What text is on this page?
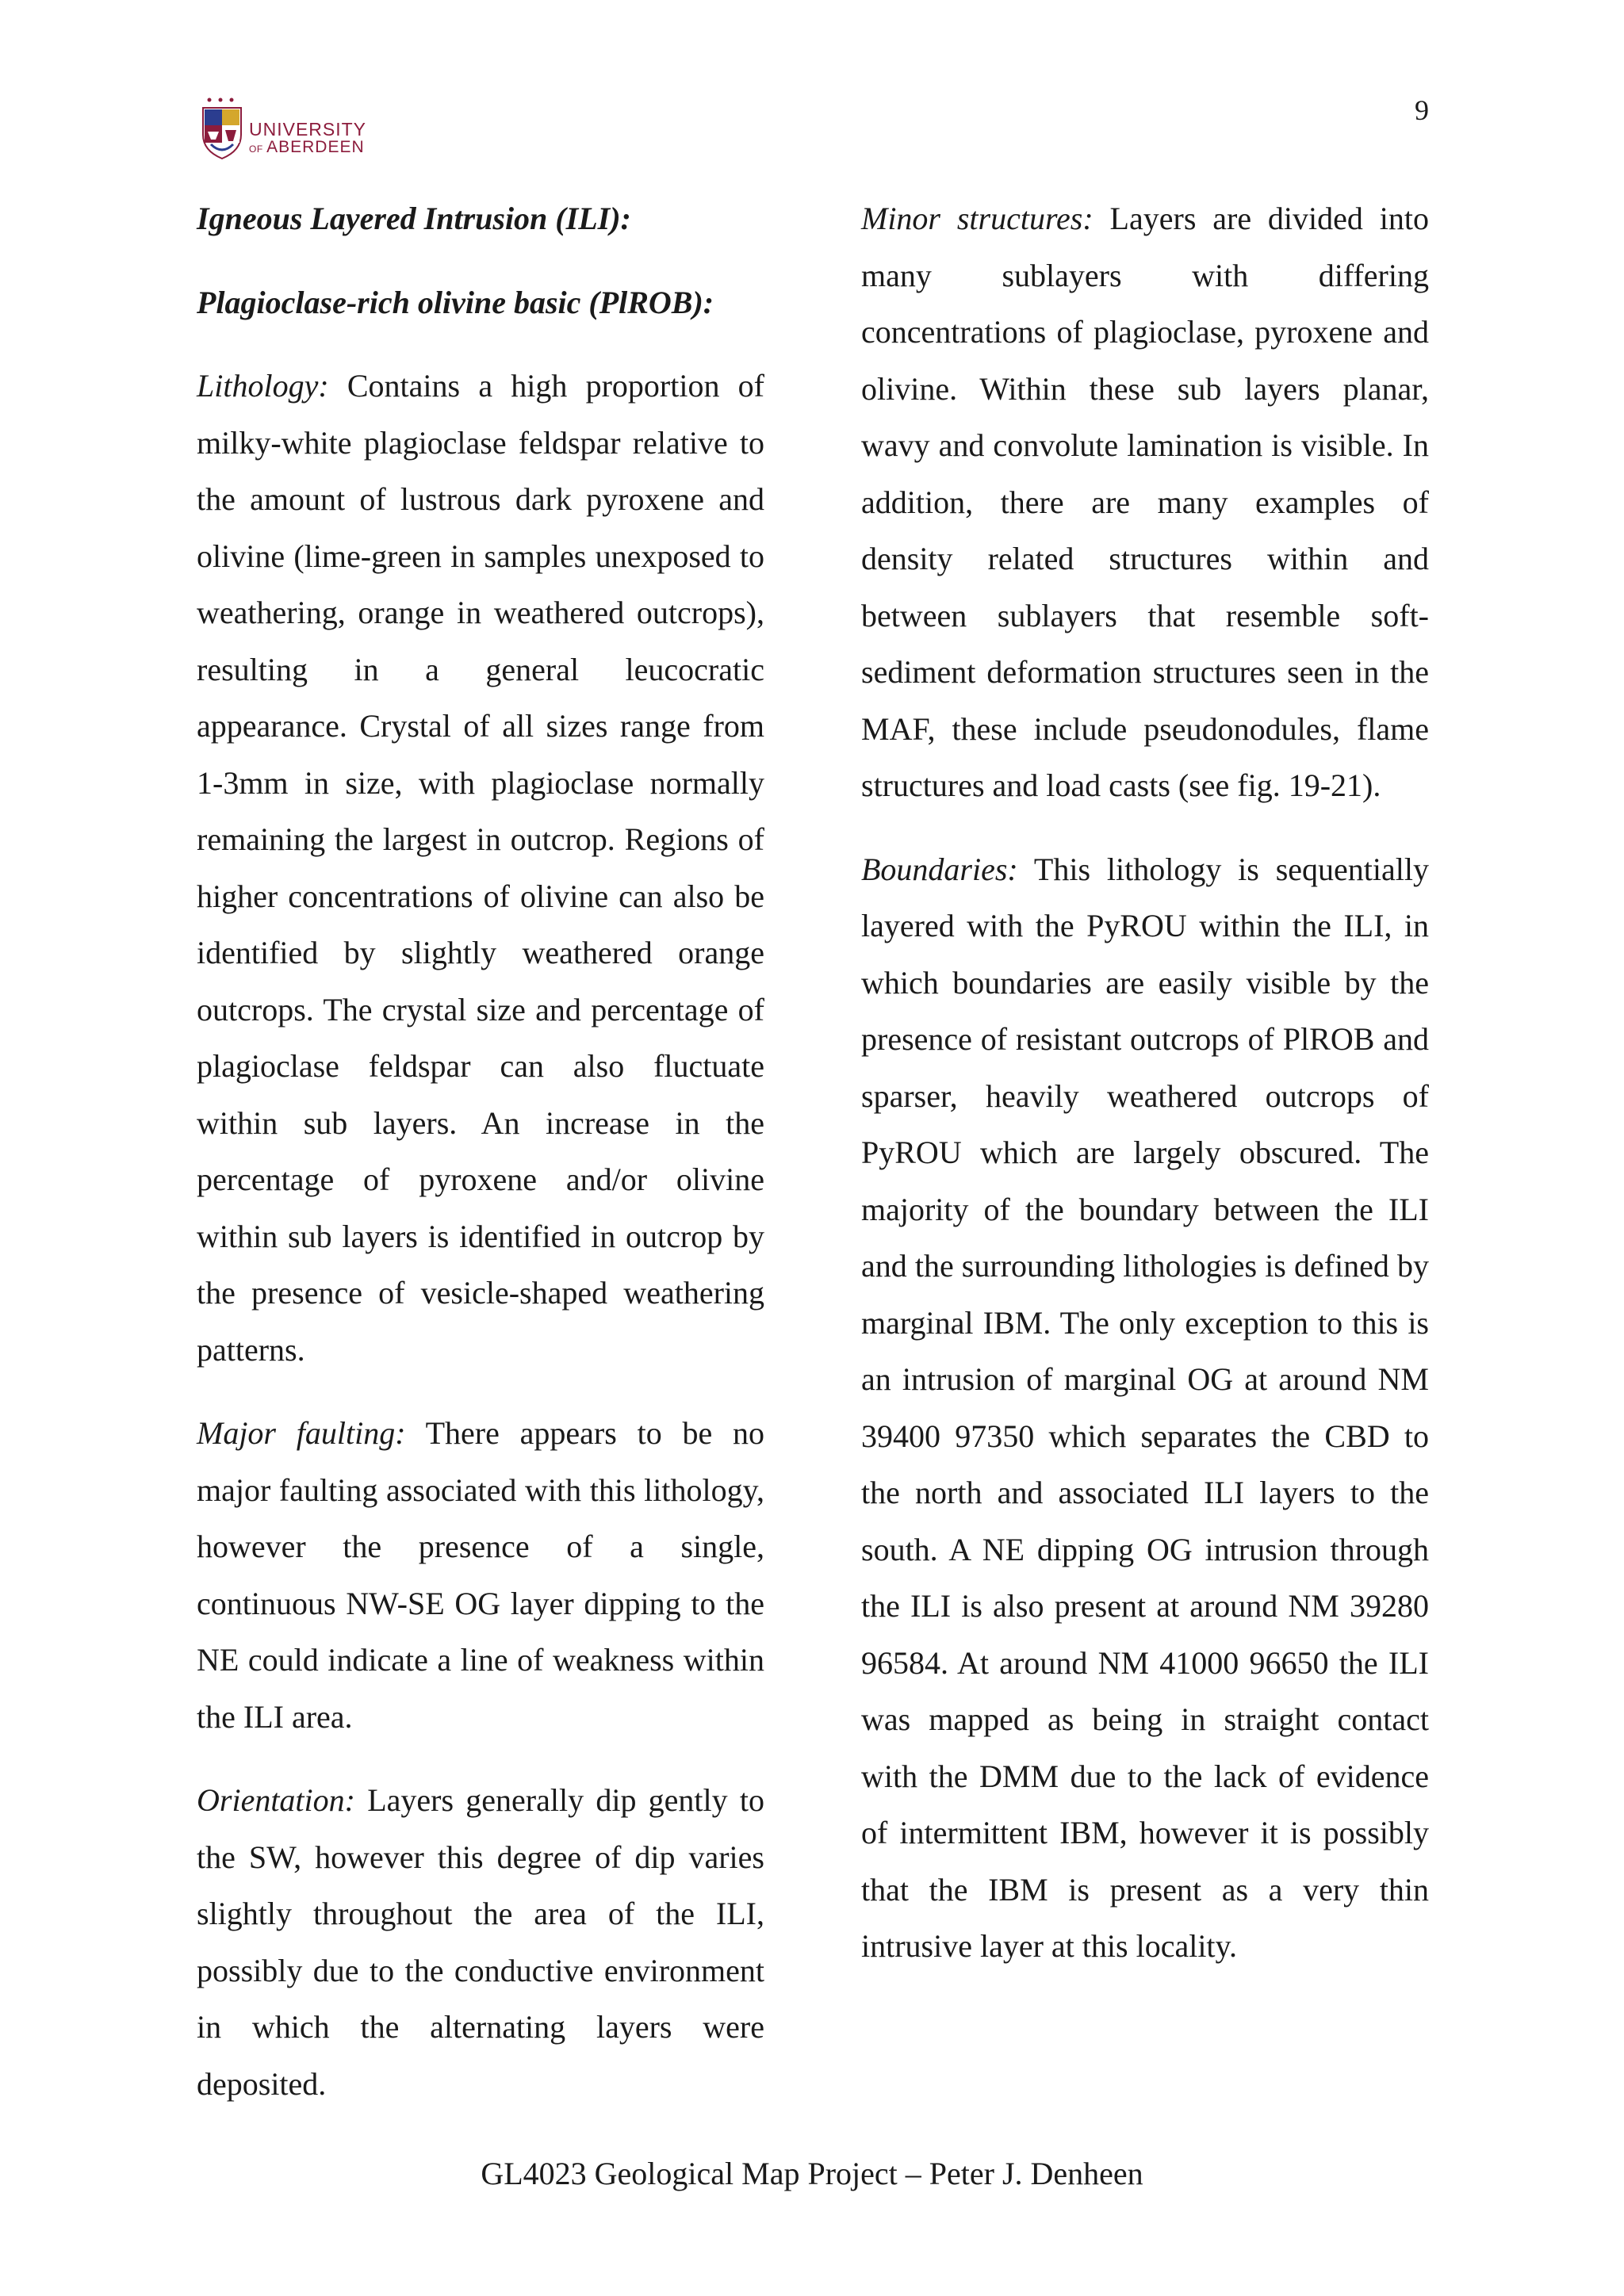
UNIVERSITY
OF ABERDEEN
9
Igneous Layered Intrusion (ILI):
Plagioclase-rich olivine basic (PlROB):

Lithology: Contains a high proportion of milky-white plagioclase feldspar relative to the amount of lustrous dark pyroxene and olivine (lime-green in samples unexposed to weathering, orange in weathered outcrops), resulting in a general leucocratic appearance. Crystal of all sizes range from 1-3mm in size, with plagioclase normally remaining the largest in outcrop. Regions of higher concentrations of olivine can also be identified by slightly weathered orange outcrops. The crystal size and percentage of plagioclase feldspar can also fluctuate within sub layers. An increase in the percentage of pyroxene and/or olivine within sub layers is identified in outcrop by the presence of vesicle-shaped weathering patterns.

Major faulting: There appears to be no major faulting associated with this lithology, however the presence of a single, continuous NW-SE OG layer dipping to the NE could indicate a line of weakness within the ILI area.

Orientation: Layers generally dip gently to the SW, however this degree of dip varies slightly throughout the area of the ILI, possibly due to the conductive environment in which the alternating layers were deposited.

Minor structures: Layers are divided into many sublayers with differing concentrations of plagioclase, pyroxene and olivine. Within these sub layers planar, wavy and convolute lamination is visible. In addition, there are many examples of density related structures within and between sublayers that resemble soft-sediment deformation structures seen in the MAF, these include pseudonodules, flame structures and load casts (see fig. 19-21).

Boundaries: This lithology is sequentially layered with the PyROU within the ILI, in which boundaries are easily visible by the presence of resistant outcrops of PlROB and sparser, heavily weathered outcrops of PyROU which are largely obscured. The majority of the boundary between the ILI and the surrounding lithologies is defined by marginal IBM. The only exception to this is an intrusion of marginal OG at around NM 39400 97350 which separates the CBD to the north and associated ILI layers to the south. A NE dipping OG intrusion through the ILI is also present at around NM 39280 96584. At around NM 41000 96650 the ILI was mapped as being in straight contact with the DMM due to the lack of evidence of intermittent IBM, however it is possibly that the IBM is present as a very thin intrusive layer at this locality.

GL4023 Geological Map Project – Peter J. Denheen
